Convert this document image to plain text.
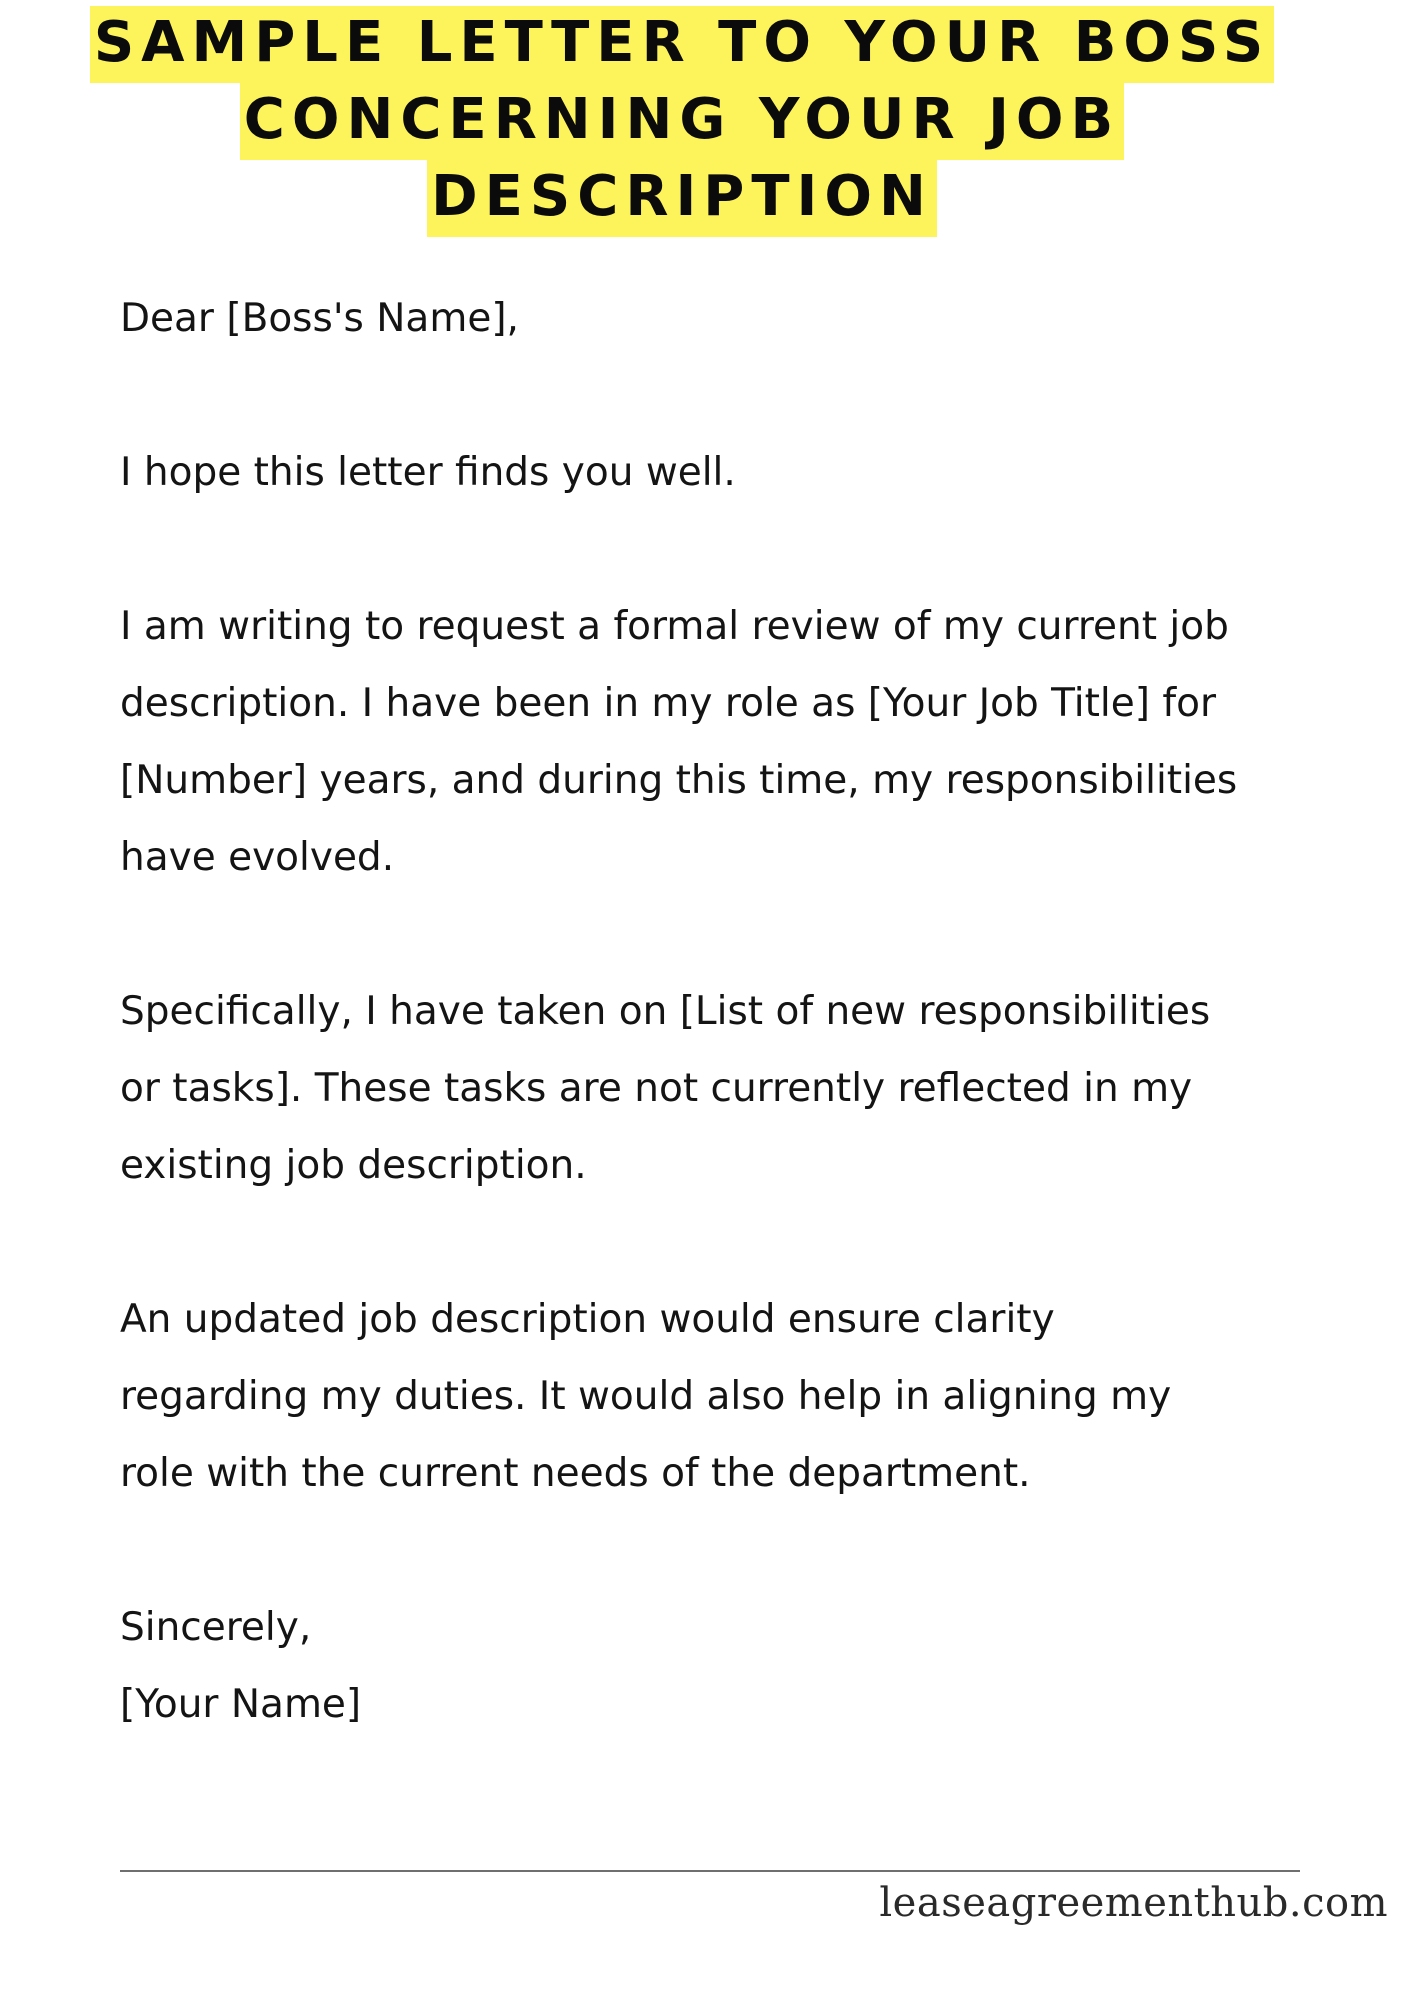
SAMPLE LETTER TO YOUR BOSS
CONCERNING YOUR JOB
DESCRIPTION

Dear [Boss's Name],

I hope this letter finds you well.

I am writing to request a formal review of my current job

description. I have been in my role as [Your Job Title] for

[Number] years, and during this time, my responsibilities

have evolved.

Specifically, I have taken on [List of new responsibilities

or tasks]. These tasks are not currently reflected in my

existing job description.

An updated job description would ensure clarity

regarding my duties. It would also help in aligning my

role with the current needs of the department.

Sincerely,

[Your Name]

leaseagreementhub.com
